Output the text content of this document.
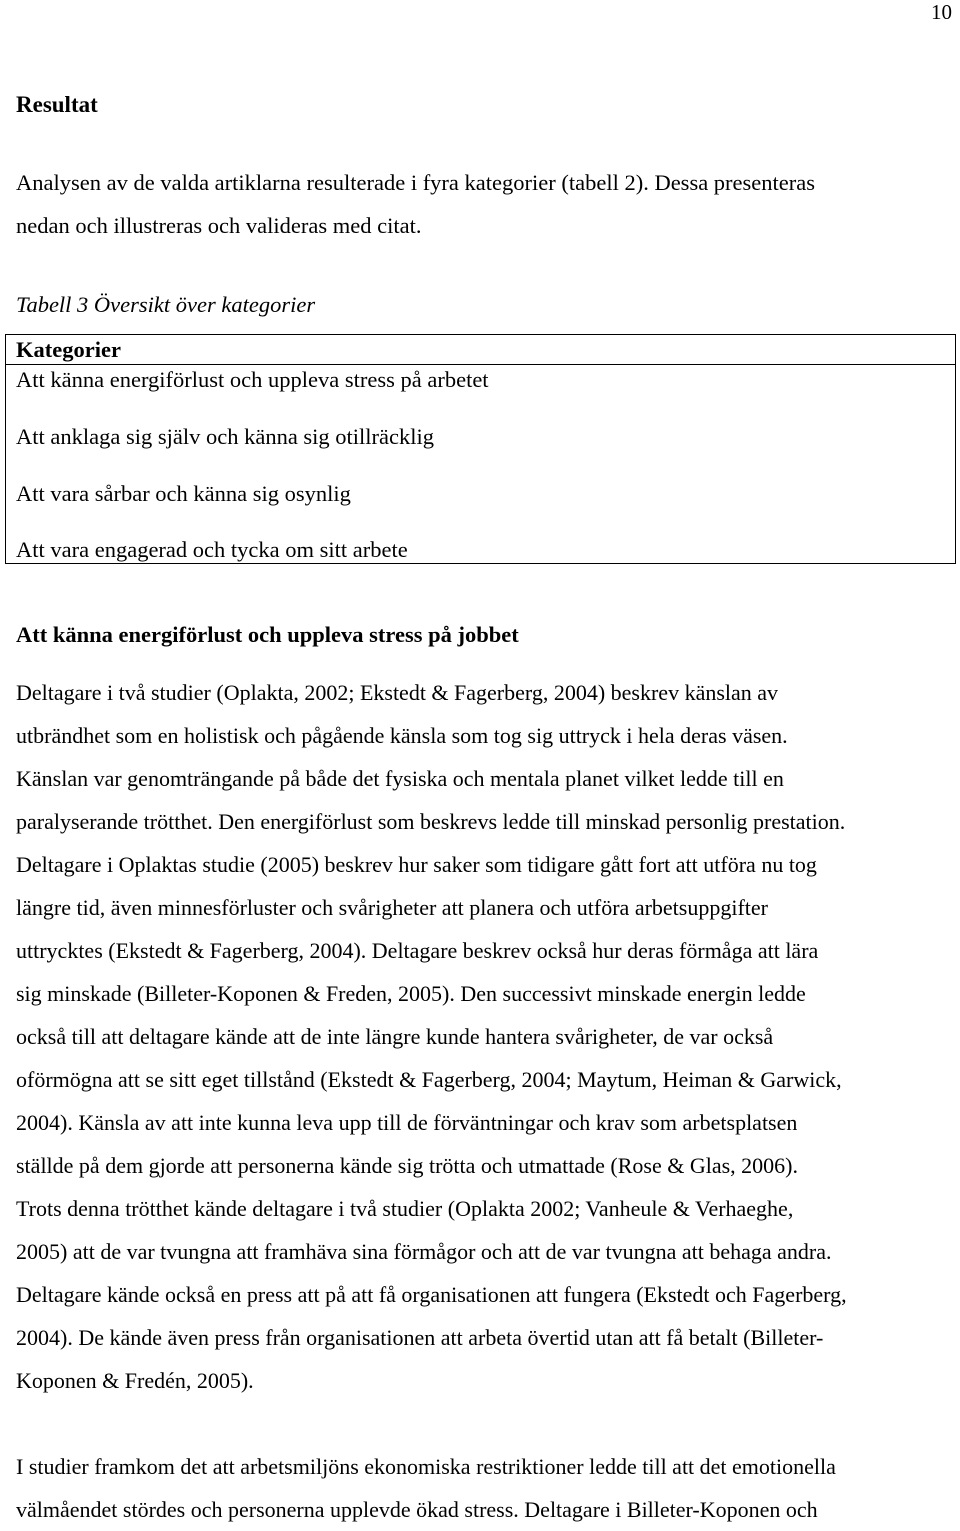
10
Resultat
Analysen av de valda artiklarna resulterade i fyra kategorier (tabell 2). Dessa presenteras
nedan och illustreras och valideras med citat.
Tabell 3 Översikt över kategorier
Kategorier
Att känna energiförlust och uppleva stress på arbetet
Att anklaga sig själv och känna sig otillräcklig
Att vara sårbar och känna sig osynlig
Att vara engagerad och tycka om sitt arbete
Att känna energiförlust och uppleva stress på jobbet
Deltagare i två studier (Oplakta, 2002; Ekstedt & Fagerberg, 2004) beskrev känslan av
utbrändhet som en holistisk och pågående känsla som tog sig uttryck i hela deras väsen.
Känslan var genomträngande på både det fysiska och mentala planet vilket ledde till en
paralyserande trötthet. Den energiförlust som beskrevs ledde till minskad personlig prestation.
Deltagare i Oplaktas studie (2005) beskrev hur saker som tidigare gått fort att utföra nu tog
längre tid, även minnesförluster och svårigheter att planera och utföra arbetsuppgifter
uttrycktes (Ekstedt & Fagerberg, 2004). Deltagare beskrev också hur deras förmåga att lära
sig minskade (Billeter-Koponen & Freden, 2005). Den successivt minskade energin ledde
också till att deltagare kände att de inte längre kunde hantera svårigheter, de var också
oförmögna att se sitt eget tillstånd (Ekstedt & Fagerberg, 2004; Maytum, Heiman & Garwick,
2004). Känsla av att inte kunna leva upp till de förväntningar och krav som arbetsplatsen
ställde på dem gjorde att personerna kände sig trötta och utmattade (Rose & Glas, 2006).
Trots denna trötthet kände deltagare i två studier (Oplakta 2002; Vanheule & Verhaeghe,
2005) att de var tvungna att framhäva sina förmågor och att de var tvungna att behaga andra.
Deltagare kände också en press att på att få organisationen att fungera (Ekstedt och Fagerberg,
2004). De kände även press från organisationen att arbeta övertid utan att få betalt (Billeter-
Koponen & Fredén, 2005).
I studier framkom det att arbetsmiljöns ekonomiska restriktioner ledde till att det emotionella
välmåendet stördes och personerna upplevde ökad stress. Deltagare i Billeter-Koponen och
